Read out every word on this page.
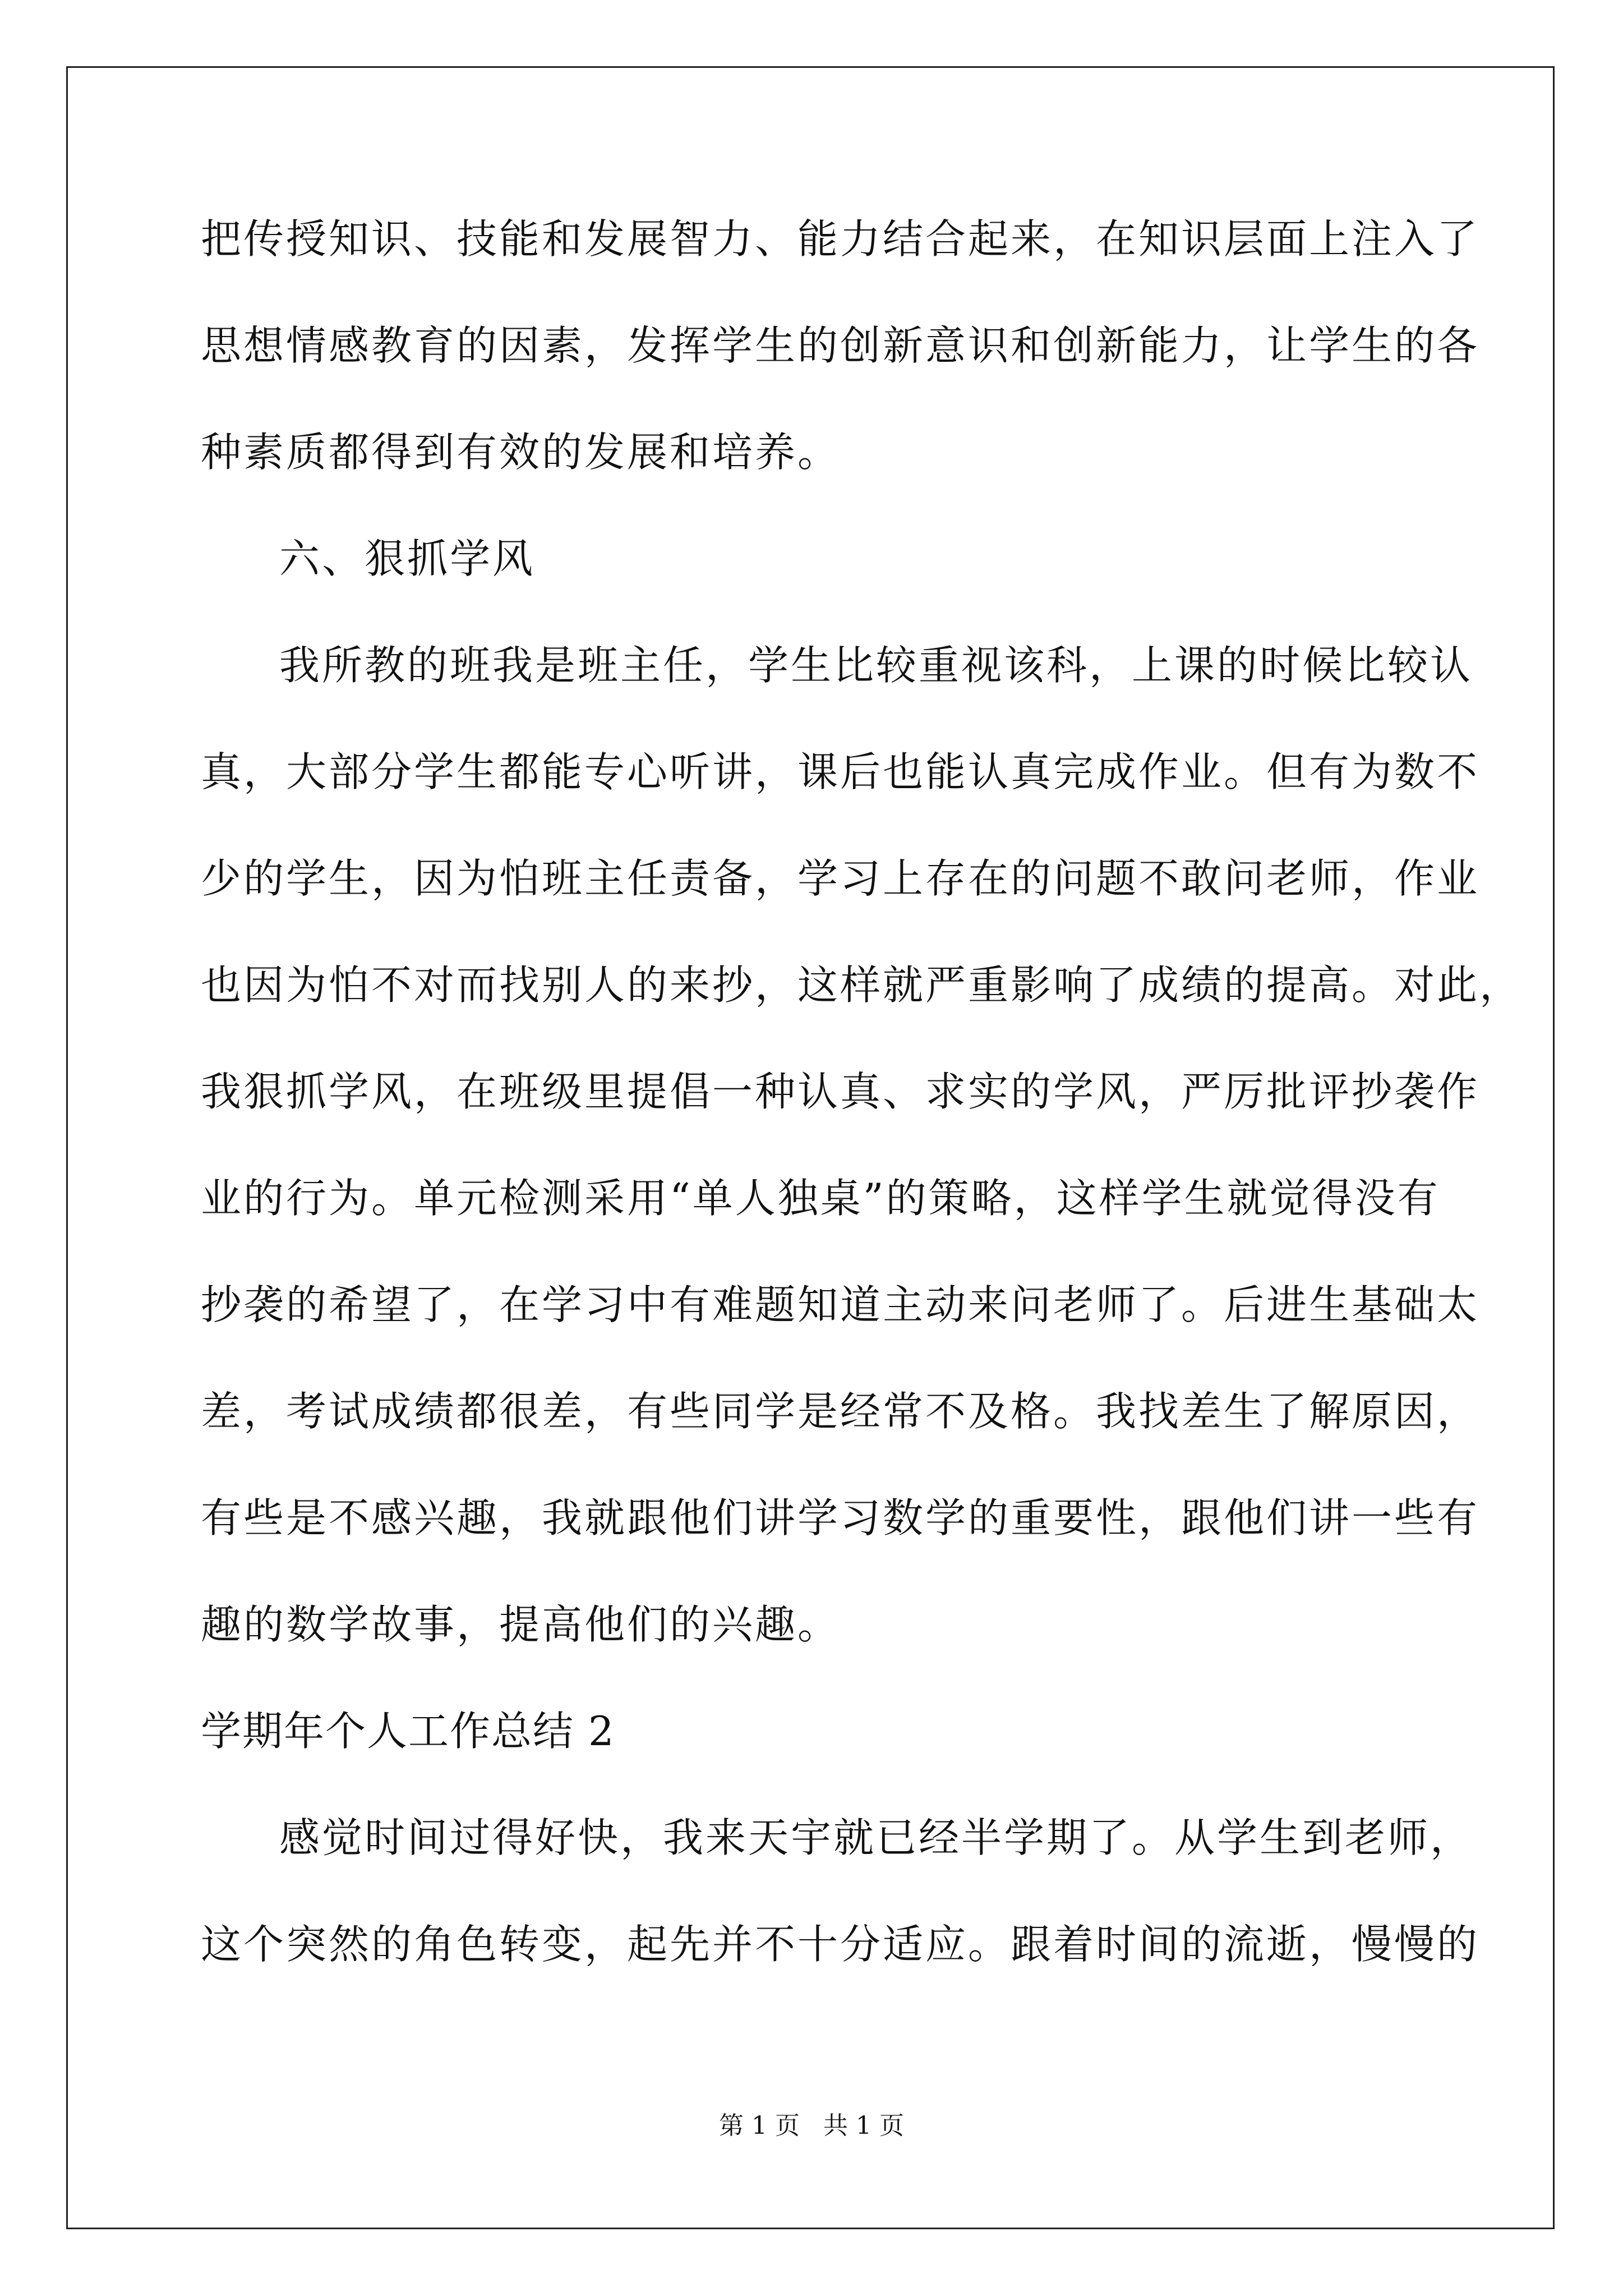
把传授知识、技能和发展智力、能力结合起来，在知识层面上注入了
思想情感教育的因素，发挥学生的创新意识和创新能力，让学生的各
种素质都得到有效的发展和培养。
六、狠抓学风
我所教的班我是班主任，学生比较重视该科，上课的时候比较认
真，大部分学生都能专心听讲，课后也能认真完成作业。但有为数不
少的学生，因为怕班主任责备，学习上存在的问题不敢问老师，作业
也因为怕不对而找别人的来抄，这样就严重影响了成绩的提高。对此，
我狠抓学风，在班级里提倡一种认真、求实的学风，严厉批评抄袭作
业的行为。单元检测采用“单人独桌”的策略，这样学生就觉得没有
抄袭的希望了，在学习中有难题知道主动来问老师了。后进生基础太
差，考试成绩都很差，有些同学是经常不及格。我找差生了解原因，
有些是不感兴趣，我就跟他们讲学习数学的重要性，跟他们讲一些有
趣的数学故事，提高他们的兴趣。
学期年个人工作总结 2
感觉时间过得好快，我来天宇就已经半学期了。从学生到老师，
这个突然的角色转变，起先并不十分适应。跟着时间的流逝，慢慢的
第 1 页 共 1 页
